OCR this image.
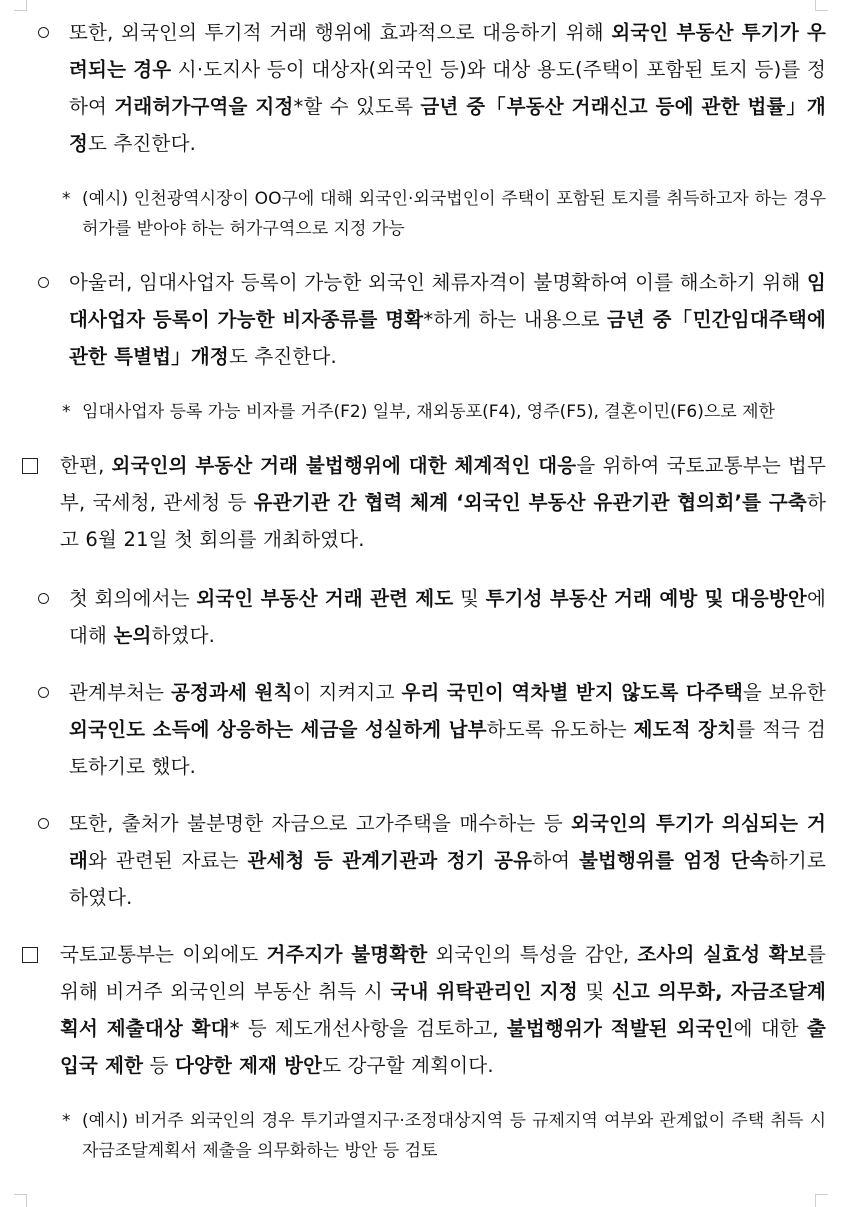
또한, 외국인의 투기적 거래 행위에 효과적으로 대응하기 위해 외국인 부동산 투기가 우려되는 경우 시·도지사 등이 대상자(외국인 등)와 대상 용도(주택이 포함된 토지 등)를 정하여 거래허가구역을 지정*할 수 있도록 금년 중「부동산 거래신고 등에 관한 법률」개정도 추진한다.
* (예시) 인천광역시장이 OO구에 대해 외국인·외국법인이 주택이 포함된 토지를 취득하고자 하는 경우 허가를 받아야 하는 허가구역으로 지정 가능
아울러, 임대사업자 등록이 가능한 외국인 체류자격이 불명확하여 이를 해소하기 위해 임대사업자 등록이 가능한 비자종류를 명확*하게 하는 내용으로 금년 중「민간임대주택에 관한 특별법」개정도 추진한다.
* 임대사업자 등록 가능 비자를 거주(F2) 일부, 재외동포(F4), 영주(F5), 결혼이민(F6)으로 제한
한편, 외국인의 부동산 거래 불법행위에 대한 체계적인 대응을 위하여 국토교통부는 법무부, 국세청, 관세청 등 유관기관 간 협력 체계 ‘외국인 부동산 유관기관 협의회’를 구축하고 6월 21일 첫 회의를 개최하였다.
첫 회의에서는 외국인 부동산 거래 관련 제도 및 투기성 부동산 거래 예방 및 대응방안에 대해 논의하였다.
관계부처는 공정과세 원칙이 지켜지고 우리 국민이 역차별 받지 않도록 다주택을 보유한 외국인도 소득에 상응하는 세금을 성실하게 납부하도록 유도하는 제도적 장치를 적극 검토하기로 했다.
또한, 출처가 불분명한 자금으로 고가주택을 매수하는 등 외국인의 투기가 의심되는 거래와 관련된 자료는 관세청 등 관계기관과 정기 공유하여 불법행위를 엄정 단속하기로 하였다.
국토교통부는 이외에도 거주지가 불명확한 외국인의 특성을 감안, 조사의 실효성 확보를 위해 비거주 외국인의 부동산 취득 시 국내 위탁관리인 지정 및 신고 의무화, 자금조달계획서 제출대상 확대* 등 제도개선사항을 검토하고, 불법행위가 적발된 외국인에 대한 출입국 제한 등 다양한 제재 방안도 강구할 계획이다.
* (예시) 비거주 외국인의 경우 투기과열지구·조정대상지역 등 규제지역 여부와 관계없이 주택 취득 시 자금조달계획서 제출을 의무화하는 방안 등 검토
